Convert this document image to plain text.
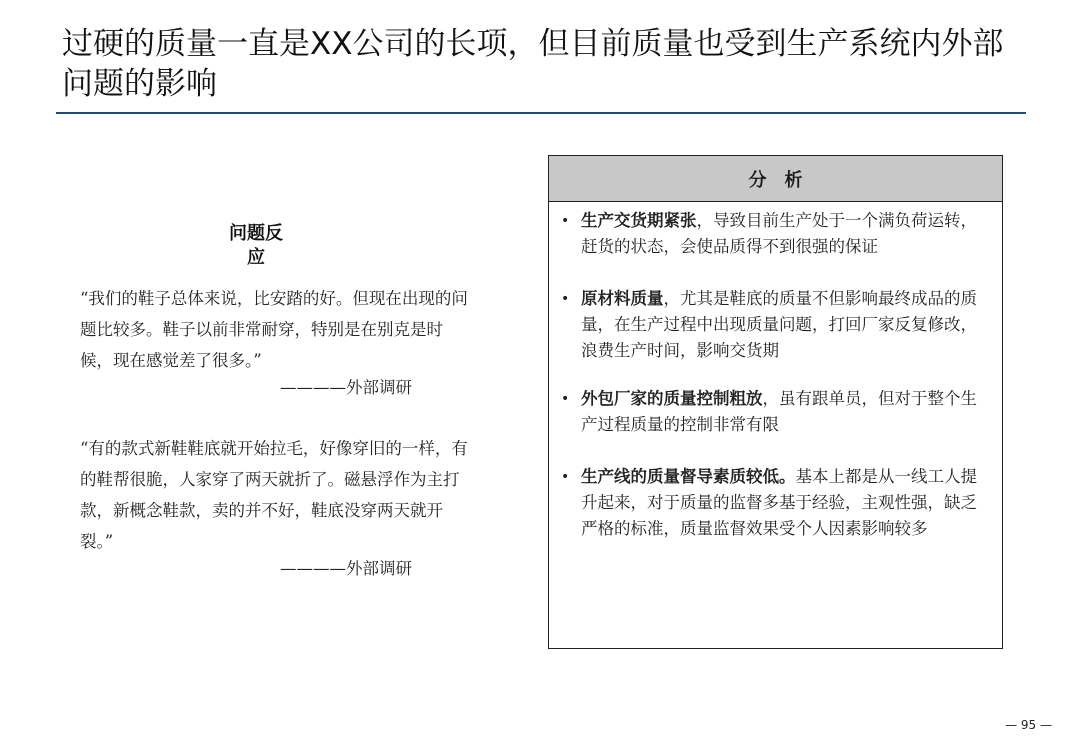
过硬的质量一直是XX公司的长项，但目前质量也受到生产系统内外部问题的影响
问题反
应
“我们的鞋子总体来说，比安踏的好。但现在出现的问题比较多。鞋子以前非常耐穿，特别是在别克是时候，现在感觉差了很多。”
————外部调研
“有的款式新鞋鞋底就开始拉毛，好像穿旧的一样，有的鞋帮很脆，人家穿了两天就折了。磁悬浮作为主打款，新概念鞋款，卖的并不好，鞋底没穿两天就开裂。”
————外部调研
分析
• 生产交货期紧张，导致目前生产处于一个满负荷运转，赶货的状态，会使品质得不到很强的保证
• 原材料质量，尤其是鞋底的质量不但影响最终成品的质量，在生产过程中出现质量问题，打回厂家反复修改，浪费生产时间，影响交货期
• 外包厂家的质量控制粗放，虽有跟单员，但对于整个生产过程质量的控制非常有限
• 生产线的质量督导素质较低。基本上都是从一线工人提升起来，对于质量的监督多基于经验，主观性强，缺乏严格的标准，质量监督效果受个人因素影响较多
— 95 —
